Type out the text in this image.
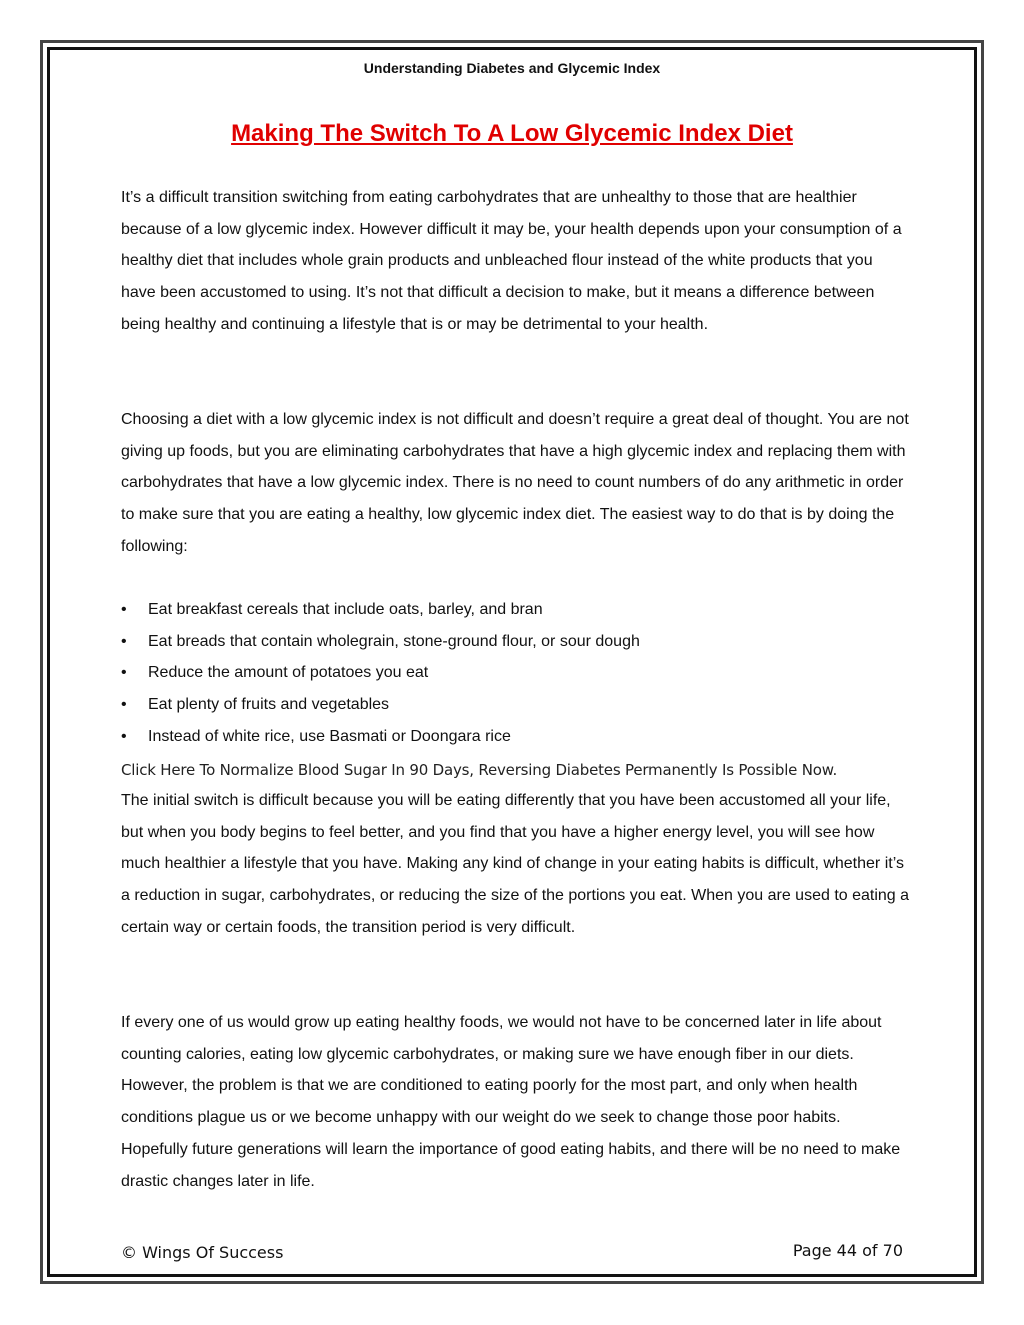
Understanding Diabetes and Glycemic Index
Making The Switch To A Low Glycemic Index Diet
It’s a difficult transition switching from eating carbohydrates that are unhealthy to those that are healthier because of a low glycemic index. However difficult it may be, your health depends upon your consumption of a healthy diet that includes whole grain products and unbleached flour instead of the white products that you have been accustomed to using. It’s not that difficult a decision to make, but it means a difference between being healthy and continuing a lifestyle that is or may be detrimental to your health.
Choosing a diet with a low glycemic index is not difficult and doesn’t require a great deal of thought. You are not giving up foods, but you are eliminating carbohydrates that have a high glycemic index and replacing them with carbohydrates that have a low glycemic index. There is no need to count numbers of do any arithmetic in order to make sure that you are eating a healthy, low glycemic index diet. The easiest way to do that is by doing the following:
• Eat breakfast cereals that include oats, barley, and bran
• Eat breads that contain wholegrain, stone-ground flour, or sour dough
• Reduce the amount of potatoes you eat
• Eat plenty of fruits and vegetables
• Instead of white rice, use Basmati or Doongara rice
Click Here To Normalize Blood Sugar In 90 Days, Reversing Diabetes Permanently Is Possible Now.
The initial switch is difficult because you will be eating differently that you have been accustomed all your life, but when you body begins to feel better, and you find that you have a higher energy level, you will see how much healthier a lifestyle that you have. Making any kind of change in your eating habits is difficult, whether it’s a reduction in sugar, carbohydrates, or reducing the size of the portions you eat. When you are used to eating a certain way or certain foods, the transition period is very difficult.
If every one of us would grow up eating healthy foods, we would not have to be concerned later in life about counting calories, eating low glycemic carbohydrates, or making sure we have enough fiber in our diets. However, the problem is that we are conditioned to eating poorly for the most part, and only when health conditions plague us or we become unhappy with our weight do we seek to change those poor habits. Hopefully future generations will learn the importance of good eating habits, and there will be no need to make drastic changes later in life.
© Wings Of Success	Page 44 of 70
